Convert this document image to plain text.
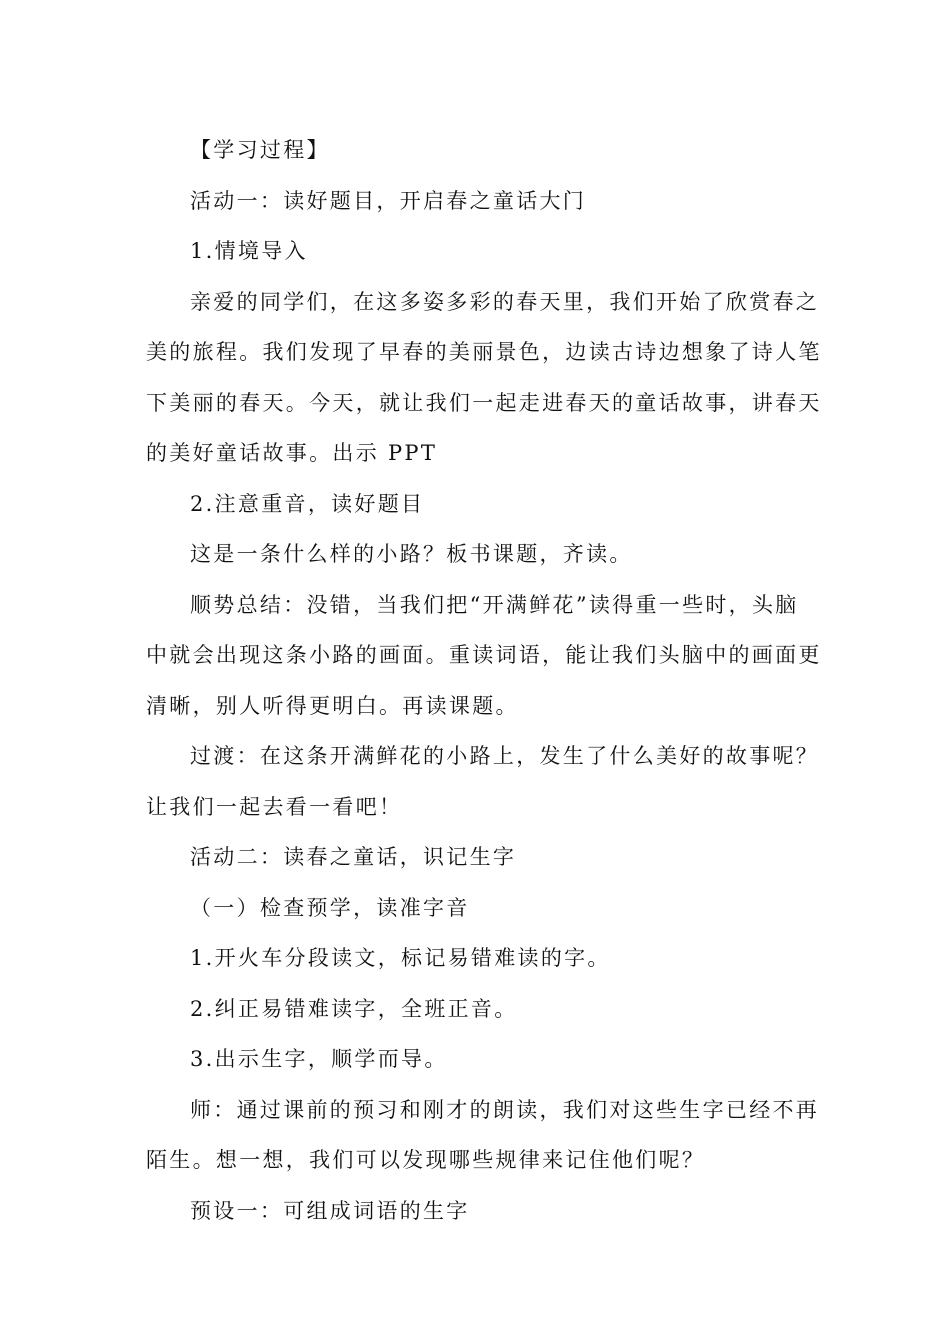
【学习过程】

活动一：读好题目，开启春之童话大门

1.情境导入

亲爱的同学们，在这多姿多彩的春天里，我们开始了欣赏春之
美的旅程。我们发现了早春的美丽景色，边读古诗边想象了诗人笔
下美丽的春天。今天，就让我们一起走进春天的童话故事，讲春天
的美好童话故事。出示 PPT

2.注意重音，读好题目

这是一条什么样的小路？板书课题，齐读。

顺势总结：没错，当我们把“开满鲜花”读得重一些时，头脑
中就会出现这条小路的画面。重读词语，能让我们头脑中的画面更
清晰，别人听得更明白。再读课题。
过渡：在这条开满鲜花的小路上，发生了什么美好的故事呢？
让我们一起去看一看吧！

活动二：读春之童话，识记生字

（一）检查预学，读准字音

1.开火车分段读文，标记易错难读的字。

2.纠正易错难读字，全班正音。

3.出示生字，顺学而导。

师：通过课前的预习和刚才的朗读，我们对这些生字已经不再
陌生。想一想，我们可以发现哪些规律来记住他们呢？

预设一：可组成词语的生字
